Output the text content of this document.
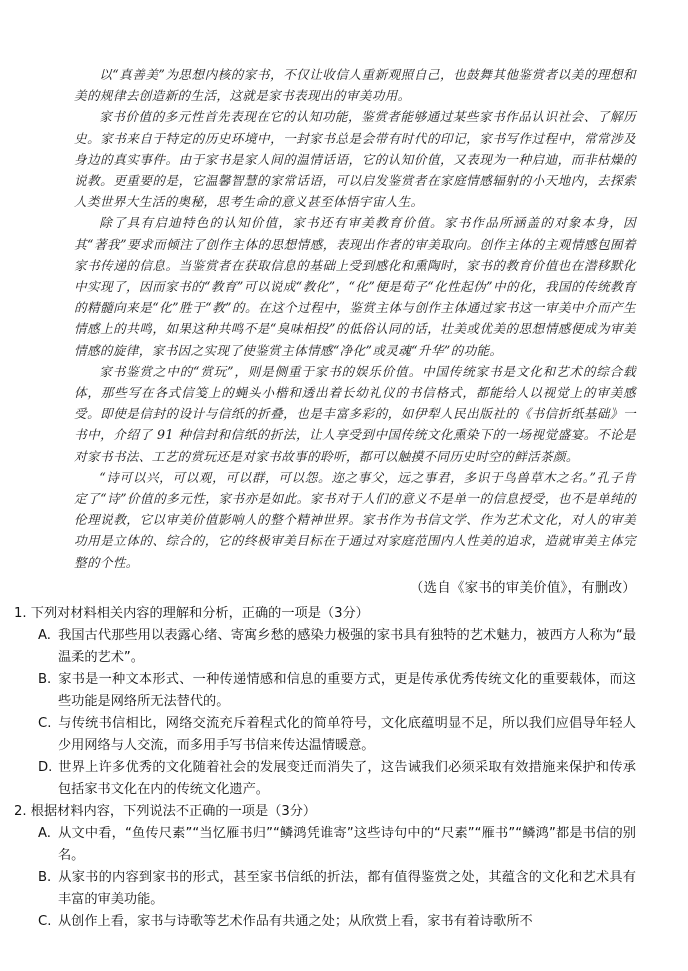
以“真善美”为思想内核的家书，不仅让收信人重新观照自己，也鼓舞其他鉴赏者以美的理想和美的规律去创造新的生活，这就是家书表现出的审美功用。

家书价值的多元性首先表现在它的认知功能，鉴赏者能够通过某些家书作品认识社会、了解历史。家书来自于特定的历史环境中，一封家书总是会带有时代的印记，家书写作过程中，常常涉及身边的真实事件。由于家书是家人间的温情话语，它的认知价值，又表现为一种启迪，而非枯燥的说教。更重要的是，它温馨智慧的家常话语，可以启发鉴赏者在家庭情感辐射的小天地内，去探索人类世界大生活的奥秘，思考生命的意义甚至体悟宇宙人生。

除了具有启迪特色的认知价值，家书还有审美教育价值。家书作品所涵盖的对象本身，因其“著我”要求而倾注了创作主体的思想情感，表现出作者的审美取向。创作主体的主观情感包囿着家书传递的信息。当鉴赏者在获取信息的基础上受到感化和熏陶时，家书的教育价值也在潜移默化中实现了，因而家书的“教育”可以说成“教化”，“化”便是荀子“化性起伪”中的化，我国的传统教育的精髓向来是“化”胜于“教”的。在这个过程中，鉴赏主体与创作主体通过家书这一审美中介而产生情感上的共鸣，如果这种共鸣不是“臭味相投”的低俗认同的话，壮美或优美的思想情感便成为审美情感的旋律，家书因之实现了使鉴赏主体情感“净化”或灵魂“升华”的功能。

家书鉴赏之中的“赏玩”，则是侧重于家书的娱乐价值。中国传统家书是文化和艺术的综合载体，那些写在各式信笺上的蝇头小楷和透出着长幼礼仪的书信格式，都能给人以视觉上的审美感受。即使是信封的设计与信纸的折叠，也是丰富多彩的，如伊犁人民出版社的《书信折纸基础》一书中，介绍了 91 种信封和信纸的折法，让人享受到中国传统文化熏染下的一场视觉盛宴。不论是对家书书法、工艺的赏玩还是对家书故事的聆听，都可以触摸不同历史时空的鲜活茶颜。

“诗可以兴，可以观，可以群，可以怨。迩之事父，远之事君，多识于鸟兽草木之名。”孔子肯定了“诗”价值的多元性，家书亦是如此。家书对于人们的意义不是单一的信息授受，也不是单纯的伦理说教，它以审美价值影响人的整个精神世界。家书作为书信文学、作为艺术文化，对人的审美功用是立体的、综合的，它的终极审美目标在于通过对家庭范围内人性美的追求，造就审美主体完整的个性。

（选自《家书的审美价值》，有删改）

1. 下列对材料相关内容的理解和分析，正确的一项是（3分）

A. 我国古代那些用以表露心绪、寄寓乡愁的感染力极强的家书具有独特的艺术魅力，被西方人称为“最温柔的艺术”。

B. 家书是一种文本形式、一种传递情感和信息的重要方式，更是传承优秀传统文化的重要载体，而这些功能是网络所无法替代的。

C. 与传统书信相比，网络交流充斥着程式化的简单符号，文化底蕴明显不足，所以我们应倡导年轻人少用网络与人交流，而多用手写书信来传达温情暖意。

D. 世界上许多优秀的文化随着社会的发展变迁而消失了，这告诫我们必须采取有效措施来保护和传承包括家书文化在内的传统文化遗产。

2. 根据材料内容，下列说法不正确的一项是（3分）

A. 从文中看，“鱼传尺素”“当忆雁书归”“鳞鸿凭谁寄”这些诗句中的“尺素”“雁书”“鳞鸿”都是书信的别名。

B. 从家书的内容到家书的形式，甚至家书信纸的折法，都有值得鉴赏之处，其蕴含的文化和艺术具有丰富的审美功能。

C. 从创作上看，家书与诗歌等艺术作品有共通之处；从欣赏上看，家书有着诗歌所不
